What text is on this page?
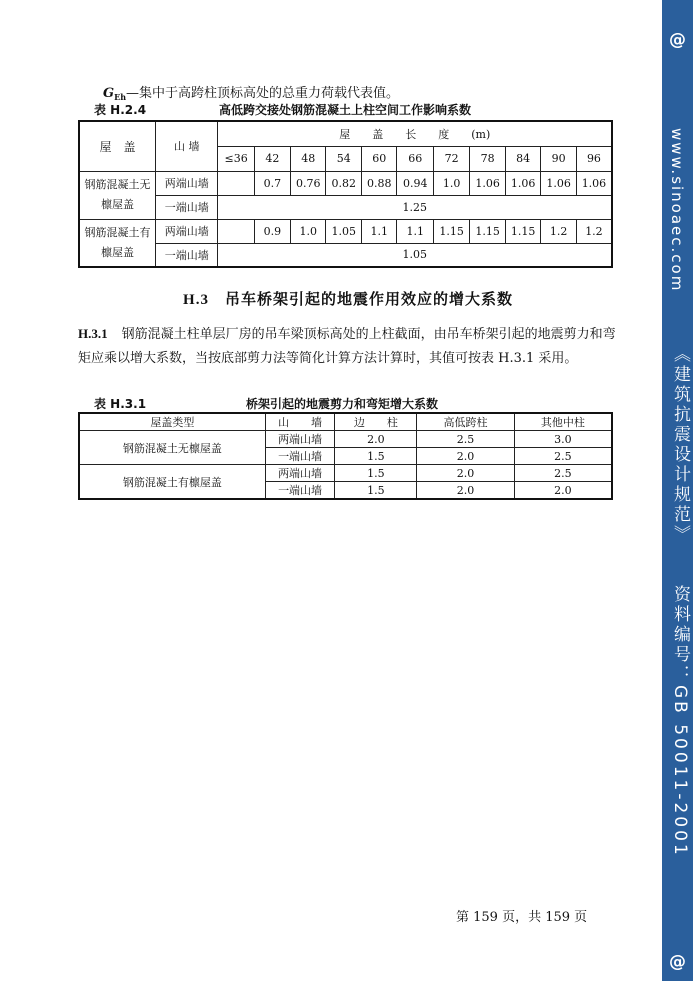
$G_{Eh}—$集中于高跨柱顶标高处的总重力荷载代表值。
表 H.2.4	高低跨交接处钢筋混凝土上柱空间工作影响系数
屋　盖	山 墙	屋　　盖　　长　　度　　(m)										
		≤36	42	48	54	60	66	72	78	84	90	96
钢筋混凝土无檩屋盖	两端山墙		0.7	0.76	0.82	0.88	0.94	1.0	1.06	1.06	1.06	1.06
	一端山墙	1.25										
钢筋混凝土有檩屋盖	两端山墙		0.9	1.0	1.05	1.1	1.1	1.15	1.15	1.15	1.2	1.2
	一端山墙	1.05										
H.3 吊车桥架引起的地震作用效应的增大系数
H.3.1 钢筋混凝土柱单层厂房的吊车梁顶标高处的上柱截面，由吊车桥架引起的地震剪力和弯矩应乘以增大系数，当按底部剪力法等简化计算方法计算时，其值可按表 H.3.1 采用。
表 H.3.1	桥架引起的地震剪力和弯矩增大系数
屋盖类型	山　　墙	边　　柱	高低跨柱	其他中柱
钢筋混凝土无檩屋盖	两端山墙	2.0	2.5	3.0
	一端山墙	1.5	2.0	2.5
钢筋混凝土有檩屋盖	两端山墙	1.5	2.0	2.5
	一端山墙	1.5	2.0	2.0
第 159 页，共 159 页
@
www.sinoaec.com
《建筑抗震设计规范》
资料编号：GB 50011-2001
@
